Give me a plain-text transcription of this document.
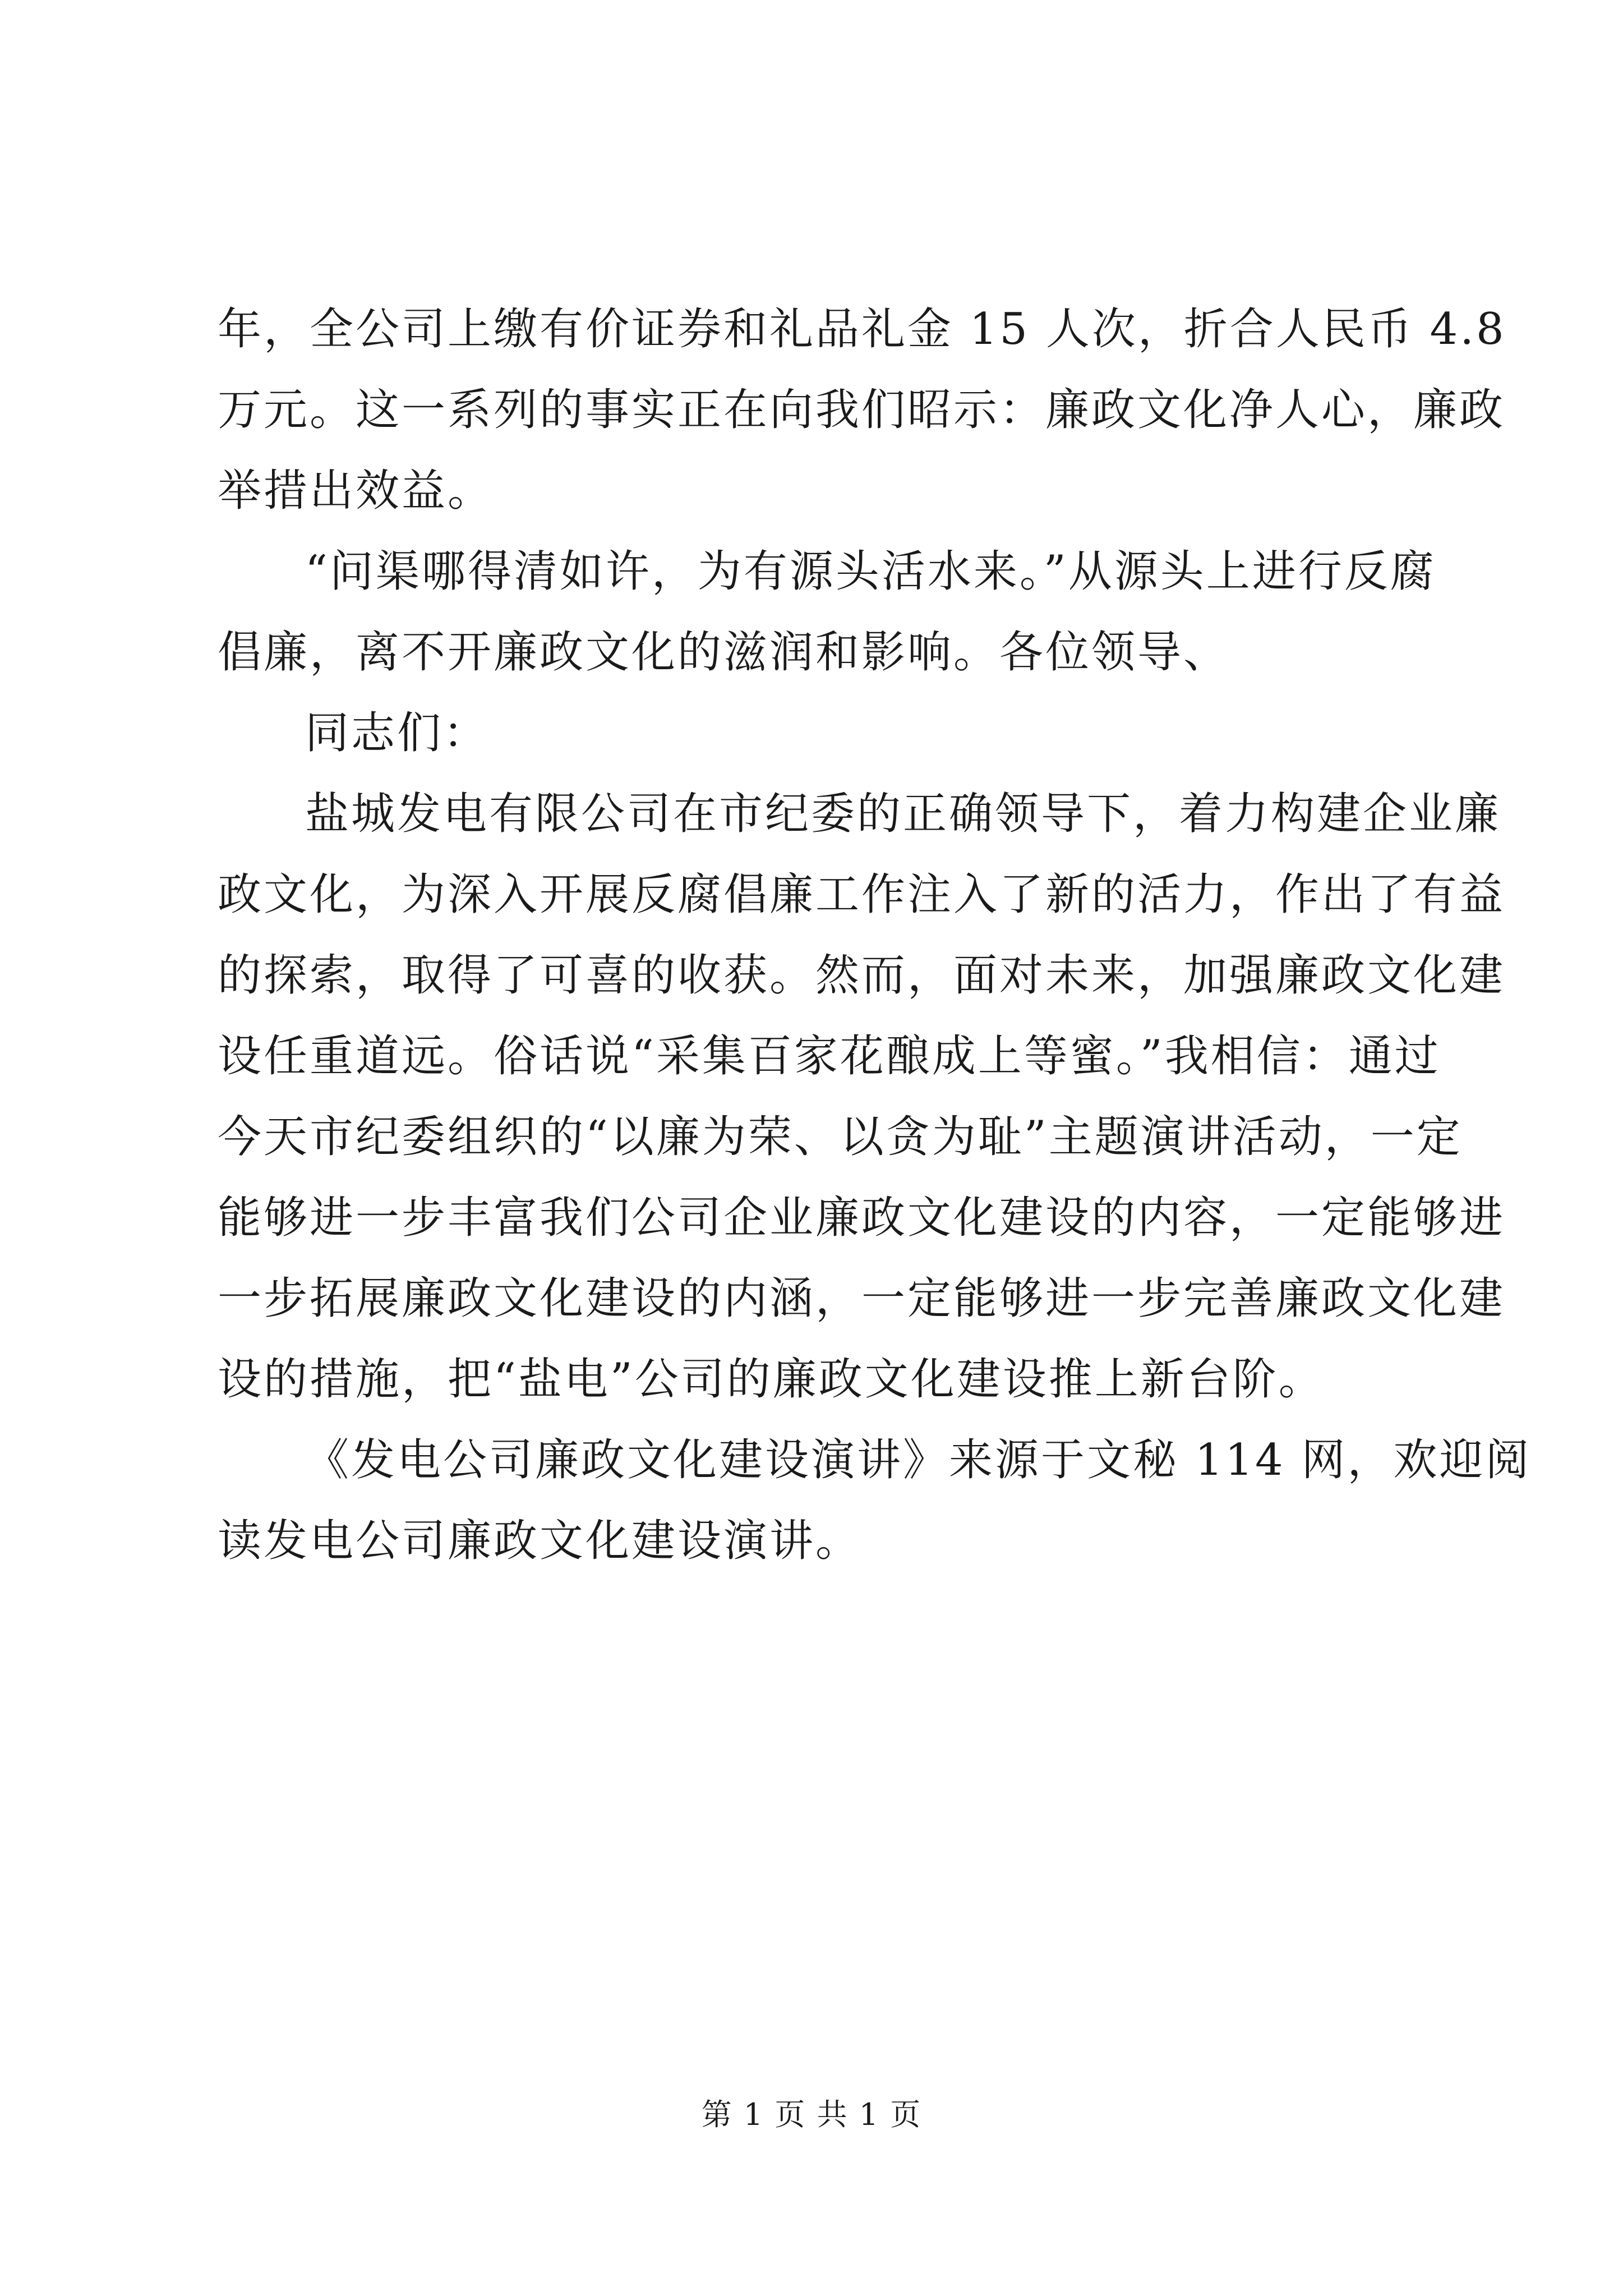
年，全公司上缴有价证券和礼品礼金 15 人次，折合人民币 4.8
万元。这一系列的事实正在向我们昭示：廉政文化净人心，廉政
举措出效益。
“问渠哪得清如许，为有源头活水来。”从源头上进行反腐
倡廉，离不开廉政文化的滋润和影响。各位领导、
同志们：
盐城发电有限公司在市纪委的正确领导下，着力构建企业廉
政文化，为深入开展反腐倡廉工作注入了新的活力，作出了有益
的探索，取得了可喜的收获。然而，面对未来，加强廉政文化建
设任重道远。俗话说“采集百家花酿成上等蜜。”我相信：通过
今天市纪委组织的“以廉为荣、以贪为耻”主题演讲活动，一定
能够进一步丰富我们公司企业廉政文化建设的内容，一定能够进
一步拓展廉政文化建设的内涵，一定能够进一步完善廉政文化建
设的措施，把“盐电”公司的廉政文化建设推上新台阶。
《发电公司廉政文化建设演讲》来源于文秘 114 网，欢迎阅
读发电公司廉政文化建设演讲。
第 1 页 共 1 页
